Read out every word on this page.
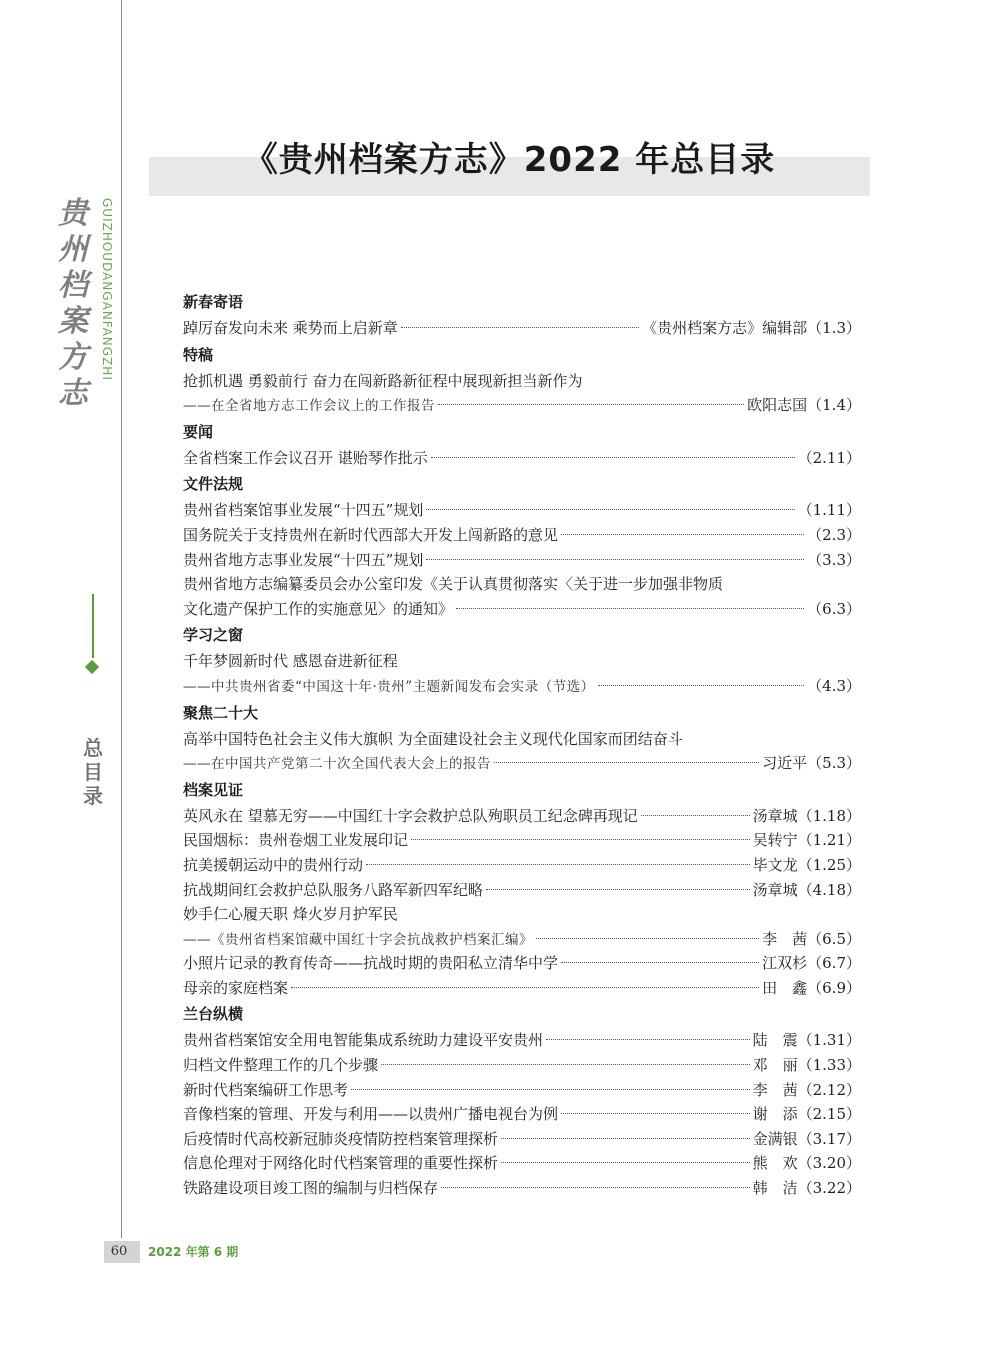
贵
州
档
案
方
志
GUIZHOUDANGANFANGZHI
总
目
录
《贵州档案方志》2022 年总目录
新春寄语
踔厉奋发向未来 乘势而上启新章	《贵州档案方志》编辑部 （1.3）
特稿
抢抓机遇 勇毅前行 奋力在闯新路新征程中展现新担当新作为
——在全省地方志工作会议上的工作报告	欧阳志国 （1.4）
要闻
全省档案工作会议召开 谌贻琴作批示	（2.11）
文件法规
贵州省档案馆事业发展“十四五”规划	（1.11）
国务院关于支持贵州在新时代西部大开发上闯新路的意见	（2.3）
贵州省地方志事业发展“十四五”规划	（3.3）
贵州省地方志编纂委员会办公室印发《关于认真贯彻落实〈关于进一步加强非物质
文化遗产保护工作的实施意见〉的通知》	（6.3）
学习之窗
千年梦圆新时代 感恩奋进新征程
——中共贵州省委“中国这十年·贵州”主题新闻发布会实录（节选）	（4.3）
聚焦二十大
高举中国特色社会主义伟大旗帜 为全面建设社会主义现代化国家而团结奋斗
——在中国共产党第二十次全国代表大会上的报告	习近平 （5.3）
档案见证
英风永在 望慕无穷——中国红十字会救护总队殉职员工纪念碑再现记	汤章城 （1.18）
民国烟标：贵州卷烟工业发展印记	吴转宁 （1.21）
抗美援朝运动中的贵州行动	毕文龙 （1.25）
抗战期间红会救护总队服务八路军新四军纪略	汤章城 （4.18）
妙手仁心履天职 烽火岁月护军民
——《贵州省档案馆藏中国红十字会抗战救护档案汇编》	李　茜 （6.5）
小照片记录的教育传奇——抗战时期的贵阳私立清华中学	江双杉 （6.7）
母亲的家庭档案	田　鑫 （6.9）
兰台纵横
贵州省档案馆安全用电智能集成系统助力建设平安贵州	陆　震 （1.31）
归档文件整理工作的几个步骤	邓　丽 （1.33）
新时代档案编研工作思考	李　茜 （2.12）
音像档案的管理、开发与利用——以贵州广播电视台为例	谢　添 （2.15）
后疫情时代高校新冠肺炎疫情防控档案管理探析	金满银 （3.17）
信息伦理对于网络化时代档案管理的重要性探析	熊　欢 （3.20）
铁路建设项目竣工图的编制与归档保存	韩　洁 （3.22）
60	2022 年第 6 期
